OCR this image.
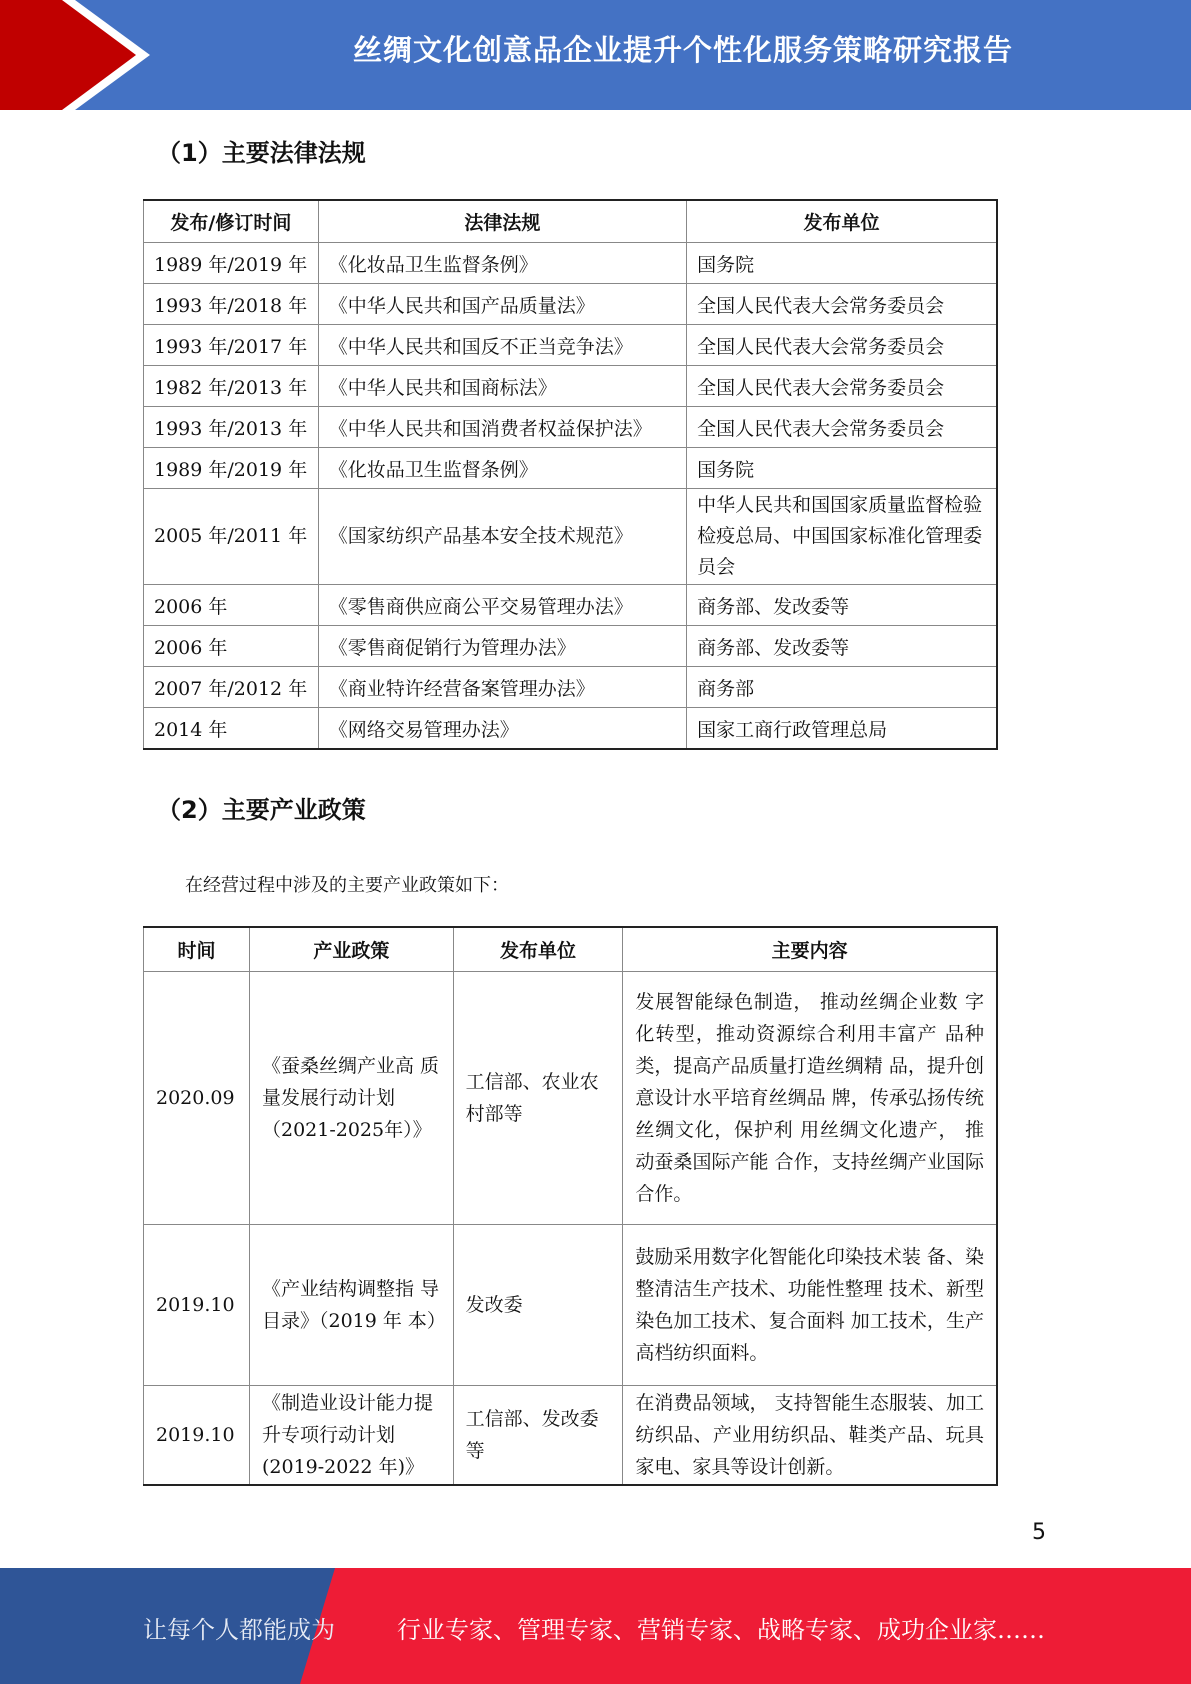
丝绸文化创意品企业提升个性化服务策略研究报告
（1）主要法律法规
发布/修订时间	法律法规	发布单位
1989 年/2019 年	《化妆品卫生监督条例》	国务院
1993 年/2018 年	《中华人民共和国产品质量法》	全国人民代表大会常务委员会
1993 年/2017 年	《中华人民共和国反不正当竞争法》	全国人民代表大会常务委员会
1982 年/2013 年	《中华人民共和国商标法》	全国人民代表大会常务委员会
1993 年/2013 年	《中华人民共和国消费者权益保护法》	全国人民代表大会常务委员会
1989 年/2019 年	《化妆品卫生监督条例》	国务院
2005 年/2011 年	《国家纺织产品基本安全技术规范》	中华人民共和国国家质量监督检验检疫总局、中国国家标准化管理委员会
2006 年	《零售商供应商公平交易管理办法》	商务部、发改委等
2006 年	《零售商促销行为管理办法》	商务部、发改委等
2007 年/2012 年	《商业特许经营备案管理办法》	商务部
2014 年	《网络交易管理办法》	国家工商行政管理总局
（2）主要产业政策
在经营过程中涉及的主要产业政策如下：
时间	产业政策	发布单位	主要内容
2020.09	《蚕桑丝绸产业高 质量发展行动计划（2021-2025年）》	工信部、农业农村部等	发展智能绿色制造， 推动丝绸企业数 字化转型，推动资源综合利用丰富产 品种类，提高产品质量打造丝绸精 品，提升创意设计水平培育丝绸品 牌，传承弘扬传统丝绸文化，保护利 用丝绸文化遗产， 推动蚕桑国际产能 合作，支持丝绸产业国际合作。
2019.10	《产业结构调整指 导目录》（2019 年 本）	发改委	鼓励采用数字化智能化印染技术装 备、染整清洁生产技术、功能性整理 技术、新型染色加工技术、复合面料 加工技术，生产高档纺织面料。
2019.10	《制造业设计能力提升专项行动计划(2019-2022 年)》	工信部、发改委等	在消费品领域， 支持智能生态服装、加工纺织品、产业用纺织品、鞋类产品、玩具家电、家具等设计创新。
5
让每个人都能成为	行业专家、管理专家、营销专家、战略专家、成功企业家……
